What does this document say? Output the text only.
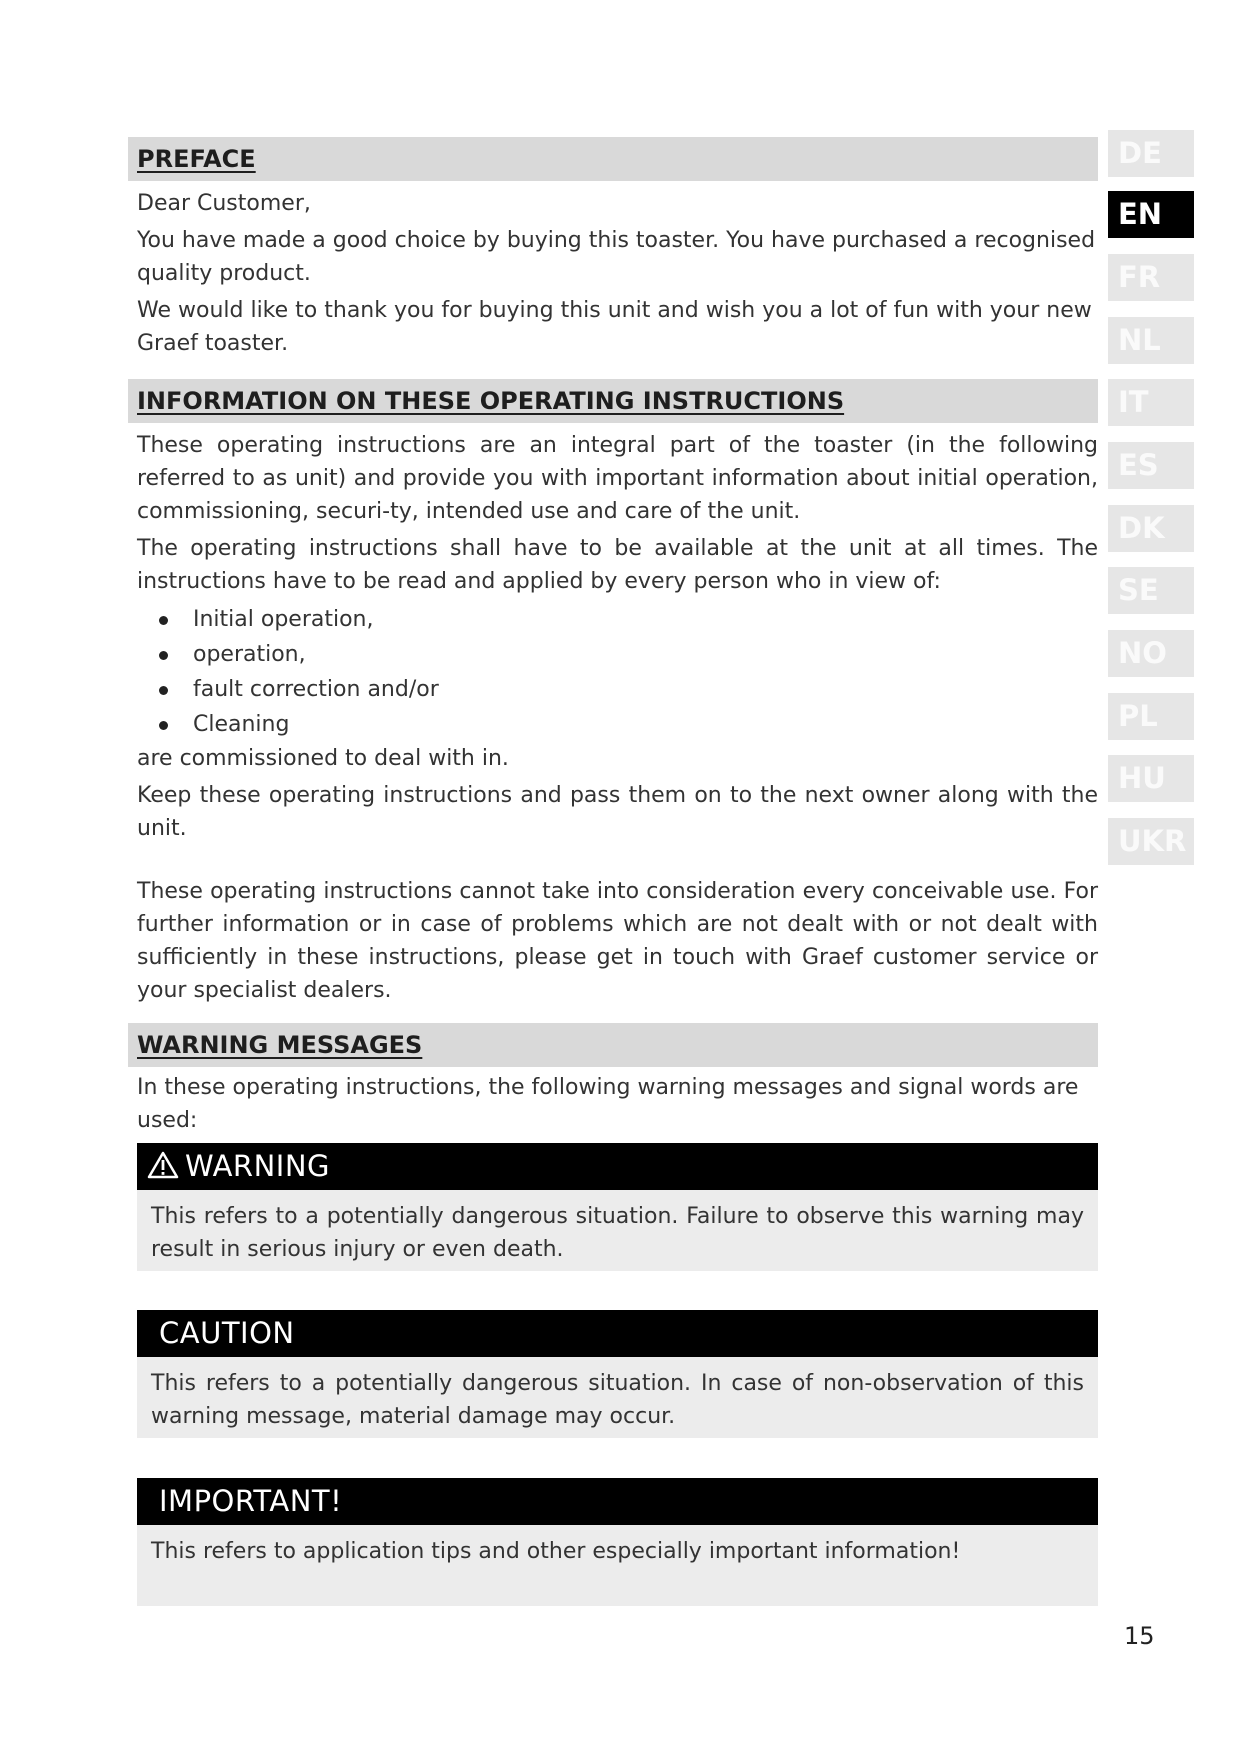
PREFACE

Dear Customer,

You have made a good choice by buying this toaster. You have purchased a recognised quality product.

We would like to thank you for buying this unit and wish you a lot of fun with your new Graef toaster.

INFORMATION ON THESE OPERATING INSTRUCTIONS

These operating instructions are an integral part of the toaster (in the following referred to as unit) and provide you with important information about initial operation, commissioning, securi-ty, intended use and care of the unit.

The operating instructions shall have to be available at the unit at all times. The instructions have to be read and applied by every person who in view of:

Initial operation,
operation,
fault correction and/or
Cleaning

are commissioned to deal with in.

Keep these operating instructions and pass them on to the next owner along with the unit.

These operating instructions cannot take into consideration every conceivable use. For further information or in case of problems which are not dealt with or not dealt with sufficiently in these instructions, please get in touch with Graef customer service or your specialist dealers.

WARNING MESSAGES

In these operating instructions, the following warning messages and signal words are used:

WARNING
This refers to a potentially dangerous situation. Failure to observe this warning may result in serious injury or even death.
CAUTION
This refers to a potentially dangerous situation. In case of non-observation of this warning message, material damage may occur.
IMPORTANT!
This refers to application tips and other especially important information!
DE
EN
FR
NL
IT
ES
DK
SE
NO
PL
HU
UKR
15
